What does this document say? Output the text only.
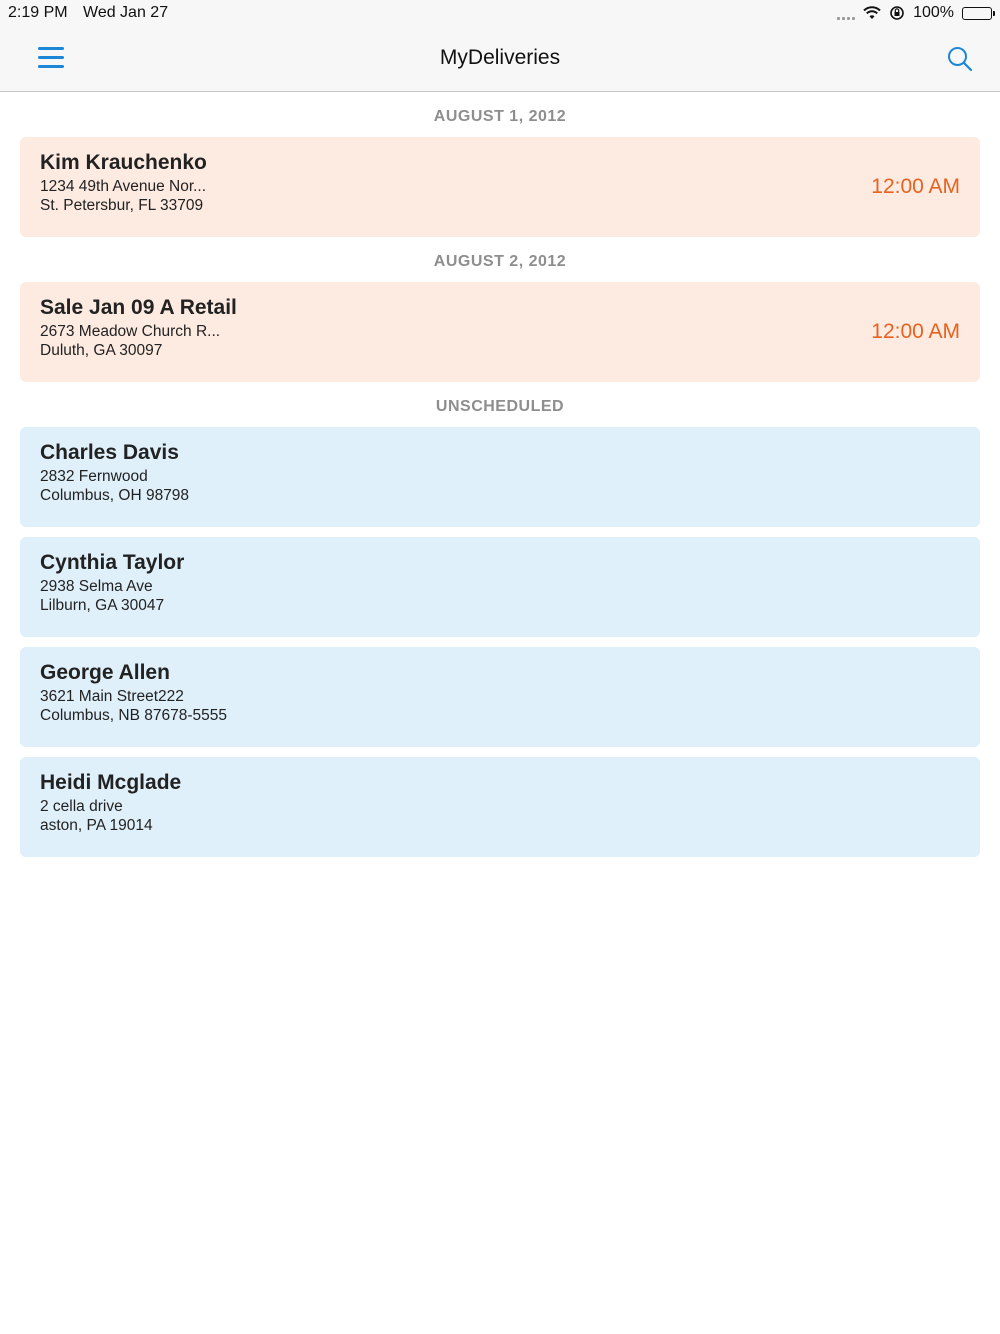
2:19 PM Wed Jan 27	100%
MyDeliveries
AUGUST 1, 2012
Kim Krauchenko
1234 49th Avenue Nor...
St. Petersbur, FL 33709
12:00 AM
AUGUST 2, 2012
Sale Jan 09 A Retail
2673 Meadow Church R...
Duluth, GA 30097
12:00 AM
UNSCHEDULED
Charles Davis
2832 Fernwood
Columbus, OH 98798
Cynthia Taylor
2938 Selma Ave
Lilburn, GA 30047
George Allen
3621 Main Street222
Columbus, NB 87678-5555
Heidi Mcglade
2 cella drive
aston, PA 19014
